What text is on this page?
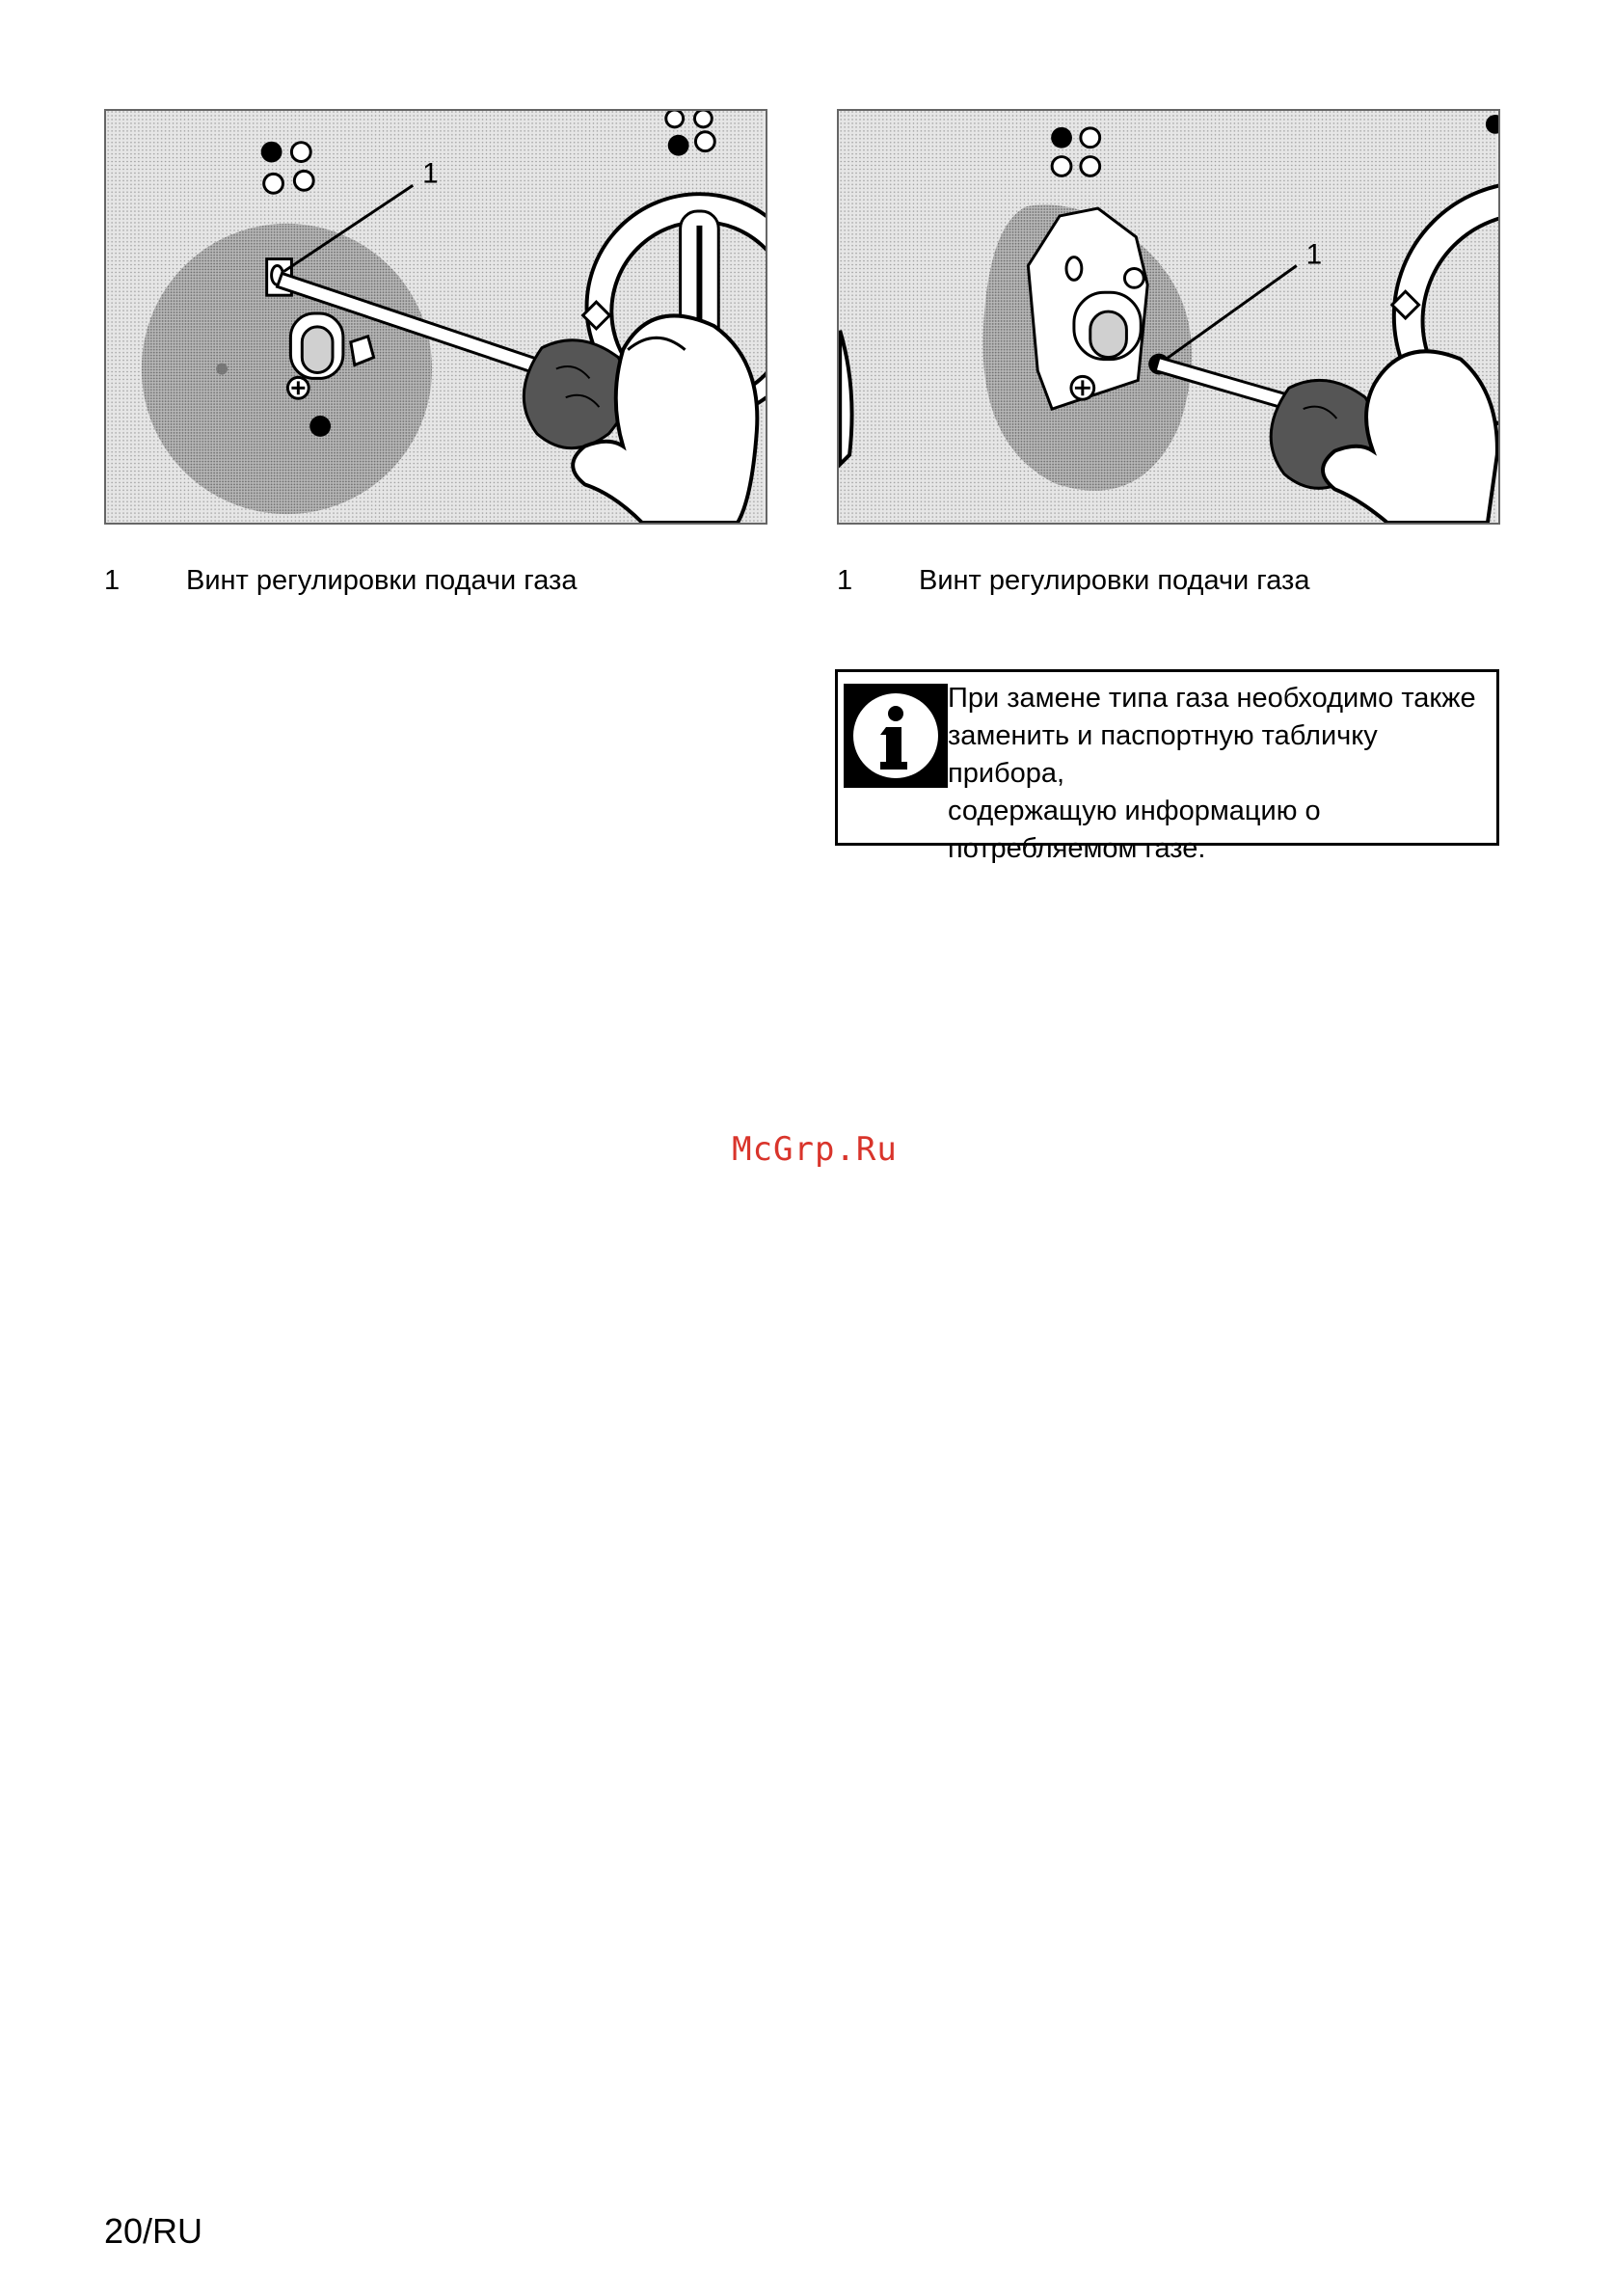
1
1
1 Винт регулировки подачи газа	1 Винт регулировки подачи газа
При замене типа газа необходимо также
заменить и паспортную табличку прибора,
содержащую информацию о
потребляемом газе.
McGrp.Ru
20/RU
